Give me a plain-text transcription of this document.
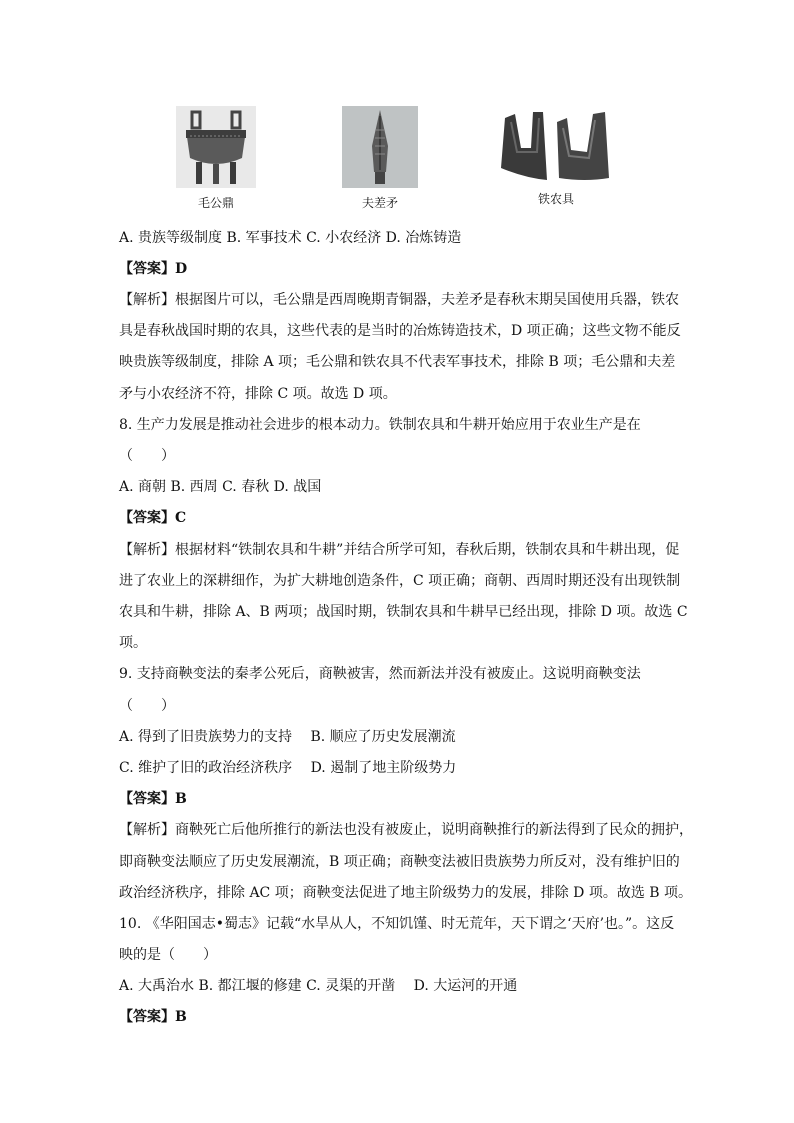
毛公鼎	夫差矛	铁农具
A. 贵族等级制度 B. 军事技术 C. 小农经济 D. 冶炼铸造
【答案】D
【解析】根据图片可以，毛公鼎是西周晚期青铜器，夫差矛是春秋末期吴国使用兵器，铁农
具是春秋战国时期的农具，这些代表的是当时的冶炼铸造技术，D 项正确；这些文物不能反
映贵族等级制度，排除 A 项；毛公鼎和铁农具不代表军事技术，排除 B 项；毛公鼎和夫差
矛与小农经济不符，排除 C 项。故选 D 项。
8. 生产力发展是推动社会进步的根本动力。铁制农具和牛耕开始应用于农业生产是在
（　　）
A. 商朝 B. 西周 C. 春秋 D. 战国
【答案】C
【解析】根据材料“铁制农具和牛耕”并结合所学可知，春秋后期，铁制农具和牛耕出现，促
进了农业上的深耕细作，为扩大耕地创造条件，C 项正确；商朝、西周时期还没有出现铁制
农具和牛耕，排除 A、B 两项；战国时期，铁制农具和牛耕早已经出现，排除 D 项。故选 C
项。
9. 支持商鞅变法的秦孝公死后，商鞅被害，然而新法并没有被废止。这说明商鞅变法
（　　）
A. 得到了旧贵族势力的支持　 B. 顺应了历史发展潮流
C. 维护了旧的政治经济秩序　 D. 遏制了地主阶级势力
【答案】B
【解析】商鞅死亡后他所推行的新法也没有被废止，说明商鞅推行的新法得到了民众的拥护，
即商鞅变法顺应了历史发展潮流，B 项正确；商鞅变法被旧贵族势力所反对，没有维护旧的
政治经济秩序，排除 AC 项；商鞅变法促进了地主阶级势力的发展，排除 D 项。故选 B 项。
10. 《华阳国志•蜀志》记载“水旱从人，不知饥馑、时无荒年，天下谓之‘天府’也。”。这反
映的是（　　）
A. 大禹治水 B. 都江堰的修建 C. 灵渠的开凿　 D. 大运河的开通
【答案】B
